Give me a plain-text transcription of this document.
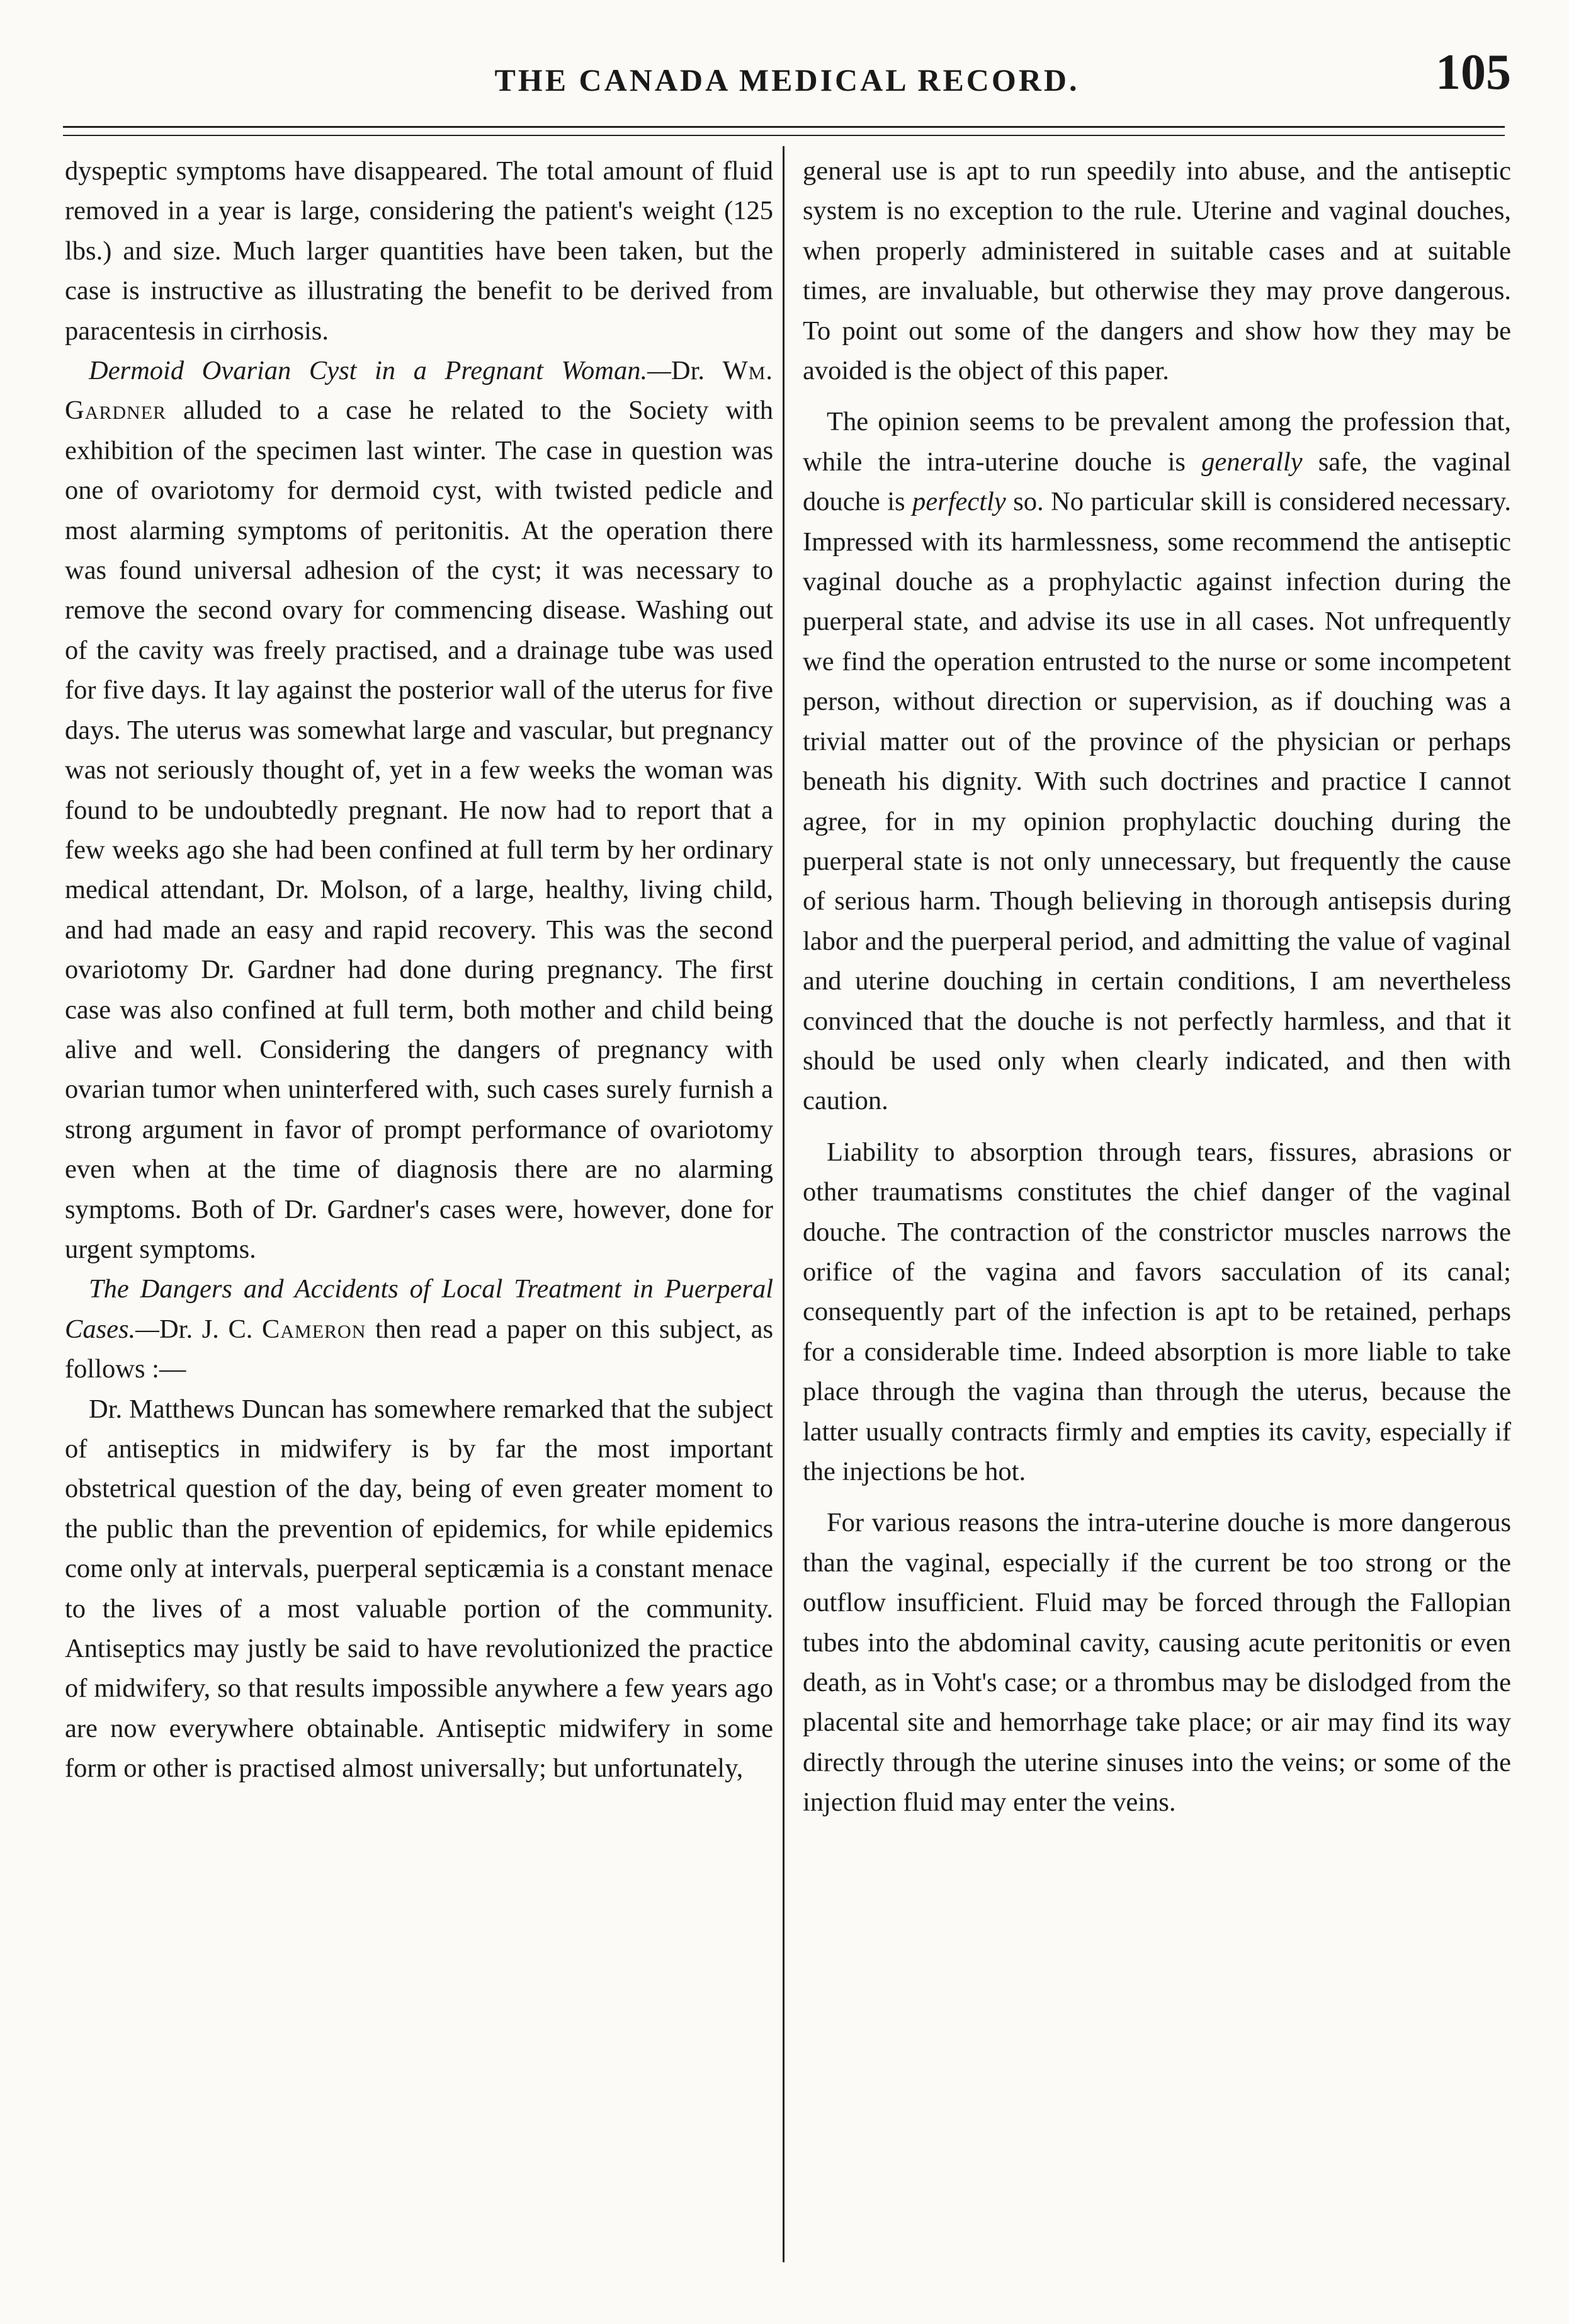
THE CANADA MEDICAL RECORD.	105

dyspeptic symptoms have disappeared. The total amount of fluid removed in a year is large, considering the patient's weight (125 lbs.) and size. Much larger quantities have been taken, but the case is instructive as illustrating the benefit to be derived from paracentesis in cirrhosis.

Dermoid Ovarian Cyst in a Pregnant Woman.—Dr. Wm. Gardner alluded to a case he related to the Society with exhibition of the specimen last winter. The case in question was one of ovariotomy for dermoid cyst, with twisted pedicle and most alarming symptoms of peritonitis. At the operation there was found universal adhesion of the cyst; it was necessary to remove the second ovary for commencing disease. Washing out of the cavity was freely practised, and a drainage tube was used for five days. It lay against the posterior wall of the uterus for five days. The uterus was somewhat large and vascular, but pregnancy was not seriously thought of, yet in a few weeks the woman was found to be undoubtedly pregnant. He now had to report that a few weeks ago she had been confined at full term by her ordinary medical attendant, Dr. Molson, of a large, healthy, living child, and had made an easy and rapid recovery. This was the second ovariotomy Dr. Gardner had done during pregnancy. The first case was also confined at full term, both mother and child being alive and well. Considering the dangers of pregnancy with ovarian tumor when uninterfered with, such cases surely furnish a strong argument in favor of prompt performance of ovariotomy even when at the time of diagnosis there are no alarming symptoms. Both of Dr. Gardner's cases were, however, done for urgent symptoms.

The Dangers and Accidents of Local Treatment in Puerperal Cases.—Dr. J. C. Cameron then read a paper on this subject, as follows :—

Dr. Matthews Duncan has somewhere remarked that the subject of antiseptics in midwifery is by far the most important obstetrical question of the day, being of even greater moment to the public than the prevention of epidemics, for while epidemics come only at intervals, puerperal septicæmia is a constant menace to the lives of a most valuable portion of the community. Antiseptics may justly be said to have revolutionized the practice of midwifery, so that results impossible anywhere a few years ago are now everywhere obtainable. Antiseptic midwifery in some form or other is practised almost universally; but unfortunately,

general use is apt to run speedily into abuse, and the antiseptic system is no exception to the rule. Uterine and vaginal douches, when properly administered in suitable cases and at suitable times, are invaluable, but otherwise they may prove dangerous. To point out some of the dangers and show how they may be avoided is the object of this paper.

The opinion seems to be prevalent among the profession that, while the intra-uterine douche is generally safe, the vaginal douche is perfectly so. No particular skill is considered necessary. Impressed with its harmlessness, some recommend the antiseptic vaginal douche as a prophylactic against infection during the puerperal state, and advise its use in all cases. Not unfrequently we find the operation entrusted to the nurse or some incompetent person, without direction or supervision, as if douching was a trivial matter out of the province of the physician or perhaps beneath his dignity. With such doctrines and practice I cannot agree, for in my opinion prophylactic douching during the puerperal state is not only unnecessary, but frequently the cause of serious harm. Though believing in thorough antisepsis during labor and the puerperal period, and admitting the value of vaginal and uterine douching in certain conditions, I am nevertheless convinced that the douche is not perfectly harmless, and that it should be used only when clearly indicated, and then with caution.

Liability to absorption through tears, fissures, abrasions or other traumatisms constitutes the chief danger of the vaginal douche. The contraction of the constrictor muscles narrows the orifice of the vagina and favors sacculation of its canal; consequently part of the infection is apt to be retained, perhaps for a considerable time. Indeed absorption is more liable to take place through the vagina than through the uterus, because the latter usually contracts firmly and empties its cavity, especially if the injections be hot.

For various reasons the intra-uterine douche is more dangerous than the vaginal, especially if the current be too strong or the outflow insufficient. Fluid may be forced through the Fallopian tubes into the abdominal cavity, causing acute peritonitis or even death, as in Voht's case; or a thrombus may be dislodged from the placental site and hemorrhage take place; or air may find its way directly through the uterine sinuses into the veins; or some of the injection fluid may enter the veins.
